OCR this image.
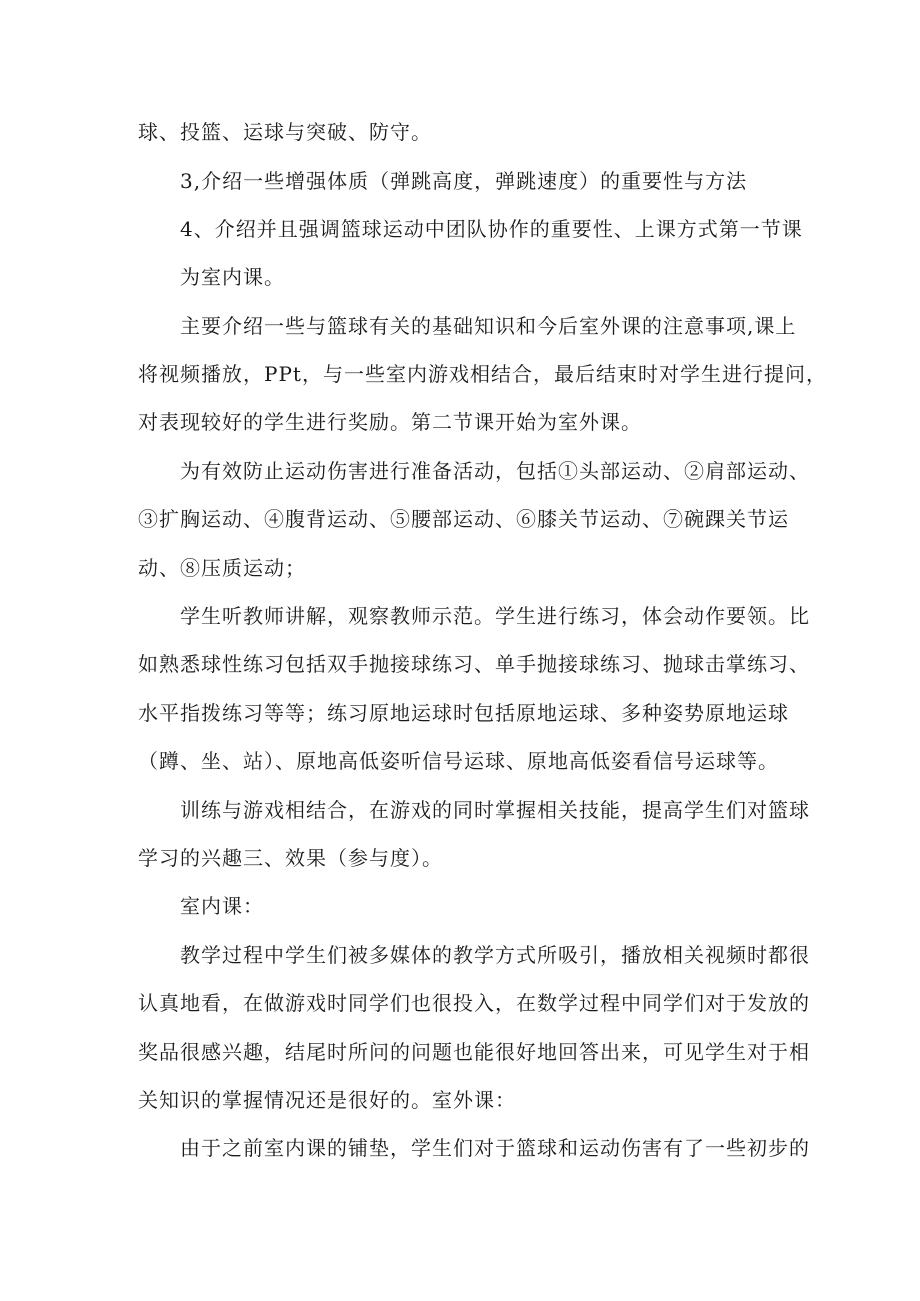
球、投篮、运球与突破、防守。
3,介绍一些增强体质（弹跳高度，弹跳速度）的重要性与方法
4、介绍并且强调篮球运动中团队协作的重要性、上课方式第一节课
为室内课。
主要介绍一些与篮球有关的基础知识和今后室外课的注意事项,课上
将视频播放，PPt，与一些室内游戏相结合，最后结束时对学生进行提问，
对表现较好的学生进行奖励。第二节课开始为室外课。
为有效防止运动伤害进行准备活动，包括①头部运动、②肩部运动、
③扩胸运动、④腹背运动、⑤腰部运动、⑥膝关节运动、⑦碗踝关节运
动、⑧压质运动；
学生听教师讲解，观察教师示范。学生进行练习，体会动作要领。比
如熟悉球性练习包括双手抛接球练习、单手抛接球练习、抛球击掌练习、
水平指拨练习等等；练习原地运球时包括原地运球、多种姿势原地运球
（蹲、坐、站）、原地高低姿听信号运球、原地高低姿看信号运球等。
训练与游戏相结合，在游戏的同时掌握相关技能，提高学生们对篮球
学习的兴趣三、效果（参与度）。
室内课：
教学过程中学生们被多媒体的教学方式所吸引，播放相关视频时都很
认真地看，在做游戏时同学们也很投入，在数学过程中同学们对于发放的
奖品很感兴趣，结尾时所问的问题也能很好地回答出来，可见学生对于相
关知识的掌握情况还是很好的。室外课：
由于之前室内课的铺垫，学生们对于篮球和运动伤害有了一些初步的
